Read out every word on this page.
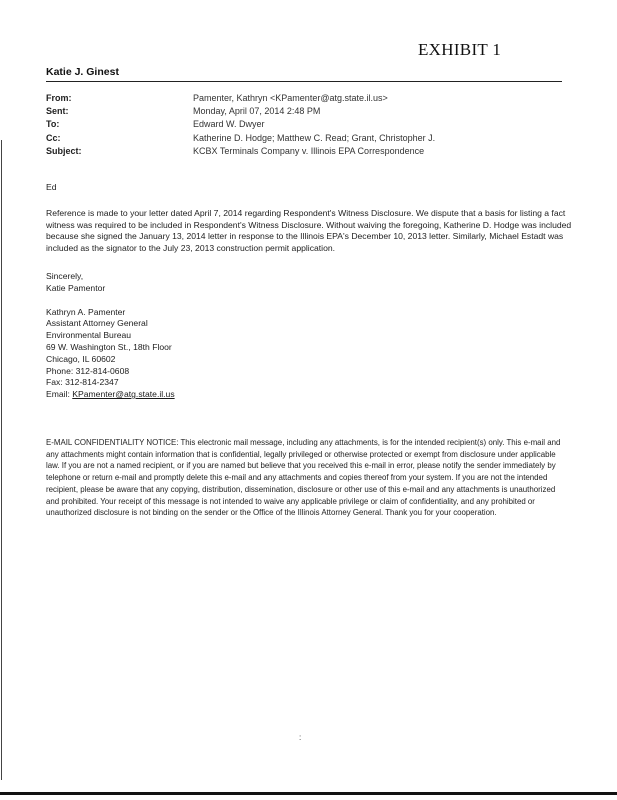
EXHIBIT 1
Katie J. Ginest
From:	Pamenter, Kathryn <KPamenter@atg.state.il.us>
Sent:	Monday, April 07, 2014 2:48 PM
To:	Edward W. Dwyer
Cc:	Katherine D. Hodge; Matthew C. Read; Grant, Christopher J.
Subject:	KCBX Terminals Company v. Illinois EPA Correspondence

Ed

Reference is made to your letter dated April 7, 2014 regarding Respondent's Witness Disclosure. We dispute that a basis for listing a fact witness was required to be included in Respondent's Witness Disclosure. Without waiving the foregoing, Katherine D. Hodge was included because she signed the January 13, 2014 letter in response to the Illinois EPA's December 10, 2013 letter. Similarly, Michael Estadt was included as the signator to the July 23, 2013 construction permit application.

Sincerely,
Katie Pamentor
Kathryn A. Pamenter
Assistant Attorney General
Environmental Bureau
69 W. Washington St., 18th Floor
Chicago, IL 60602
Phone: 312-814-0608
Fax: 312-814-2347
Email: KPamenter@atg.state.il.us

E-MAIL CONFIDENTIALITY NOTICE: This electronic mail message, including any attachments, is for the intended recipient(s) only. This e-mail and any attachments might contain information that is confidential, legally privileged or otherwise protected or exempt from disclosure under applicable law. If you are not a named recipient, or if you are named but believe that you received this e-mail in error, please notify the sender immediately by telephone or return e-mail and promptly delete this e-mail and any attachments and copies thereof from your system. If you are not the intended recipient, please be aware that any copying, distribution, dissemination, disclosure or other use of this e-mail and any attachments is unauthorized and prohibited. Your receipt of this message is not intended to waive any applicable privilege or claim of confidentiality, and any prohibited or unauthorized disclosure is not binding on the sender or the Office of the Illinois Attorney General. Thank you for your cooperation.

:
